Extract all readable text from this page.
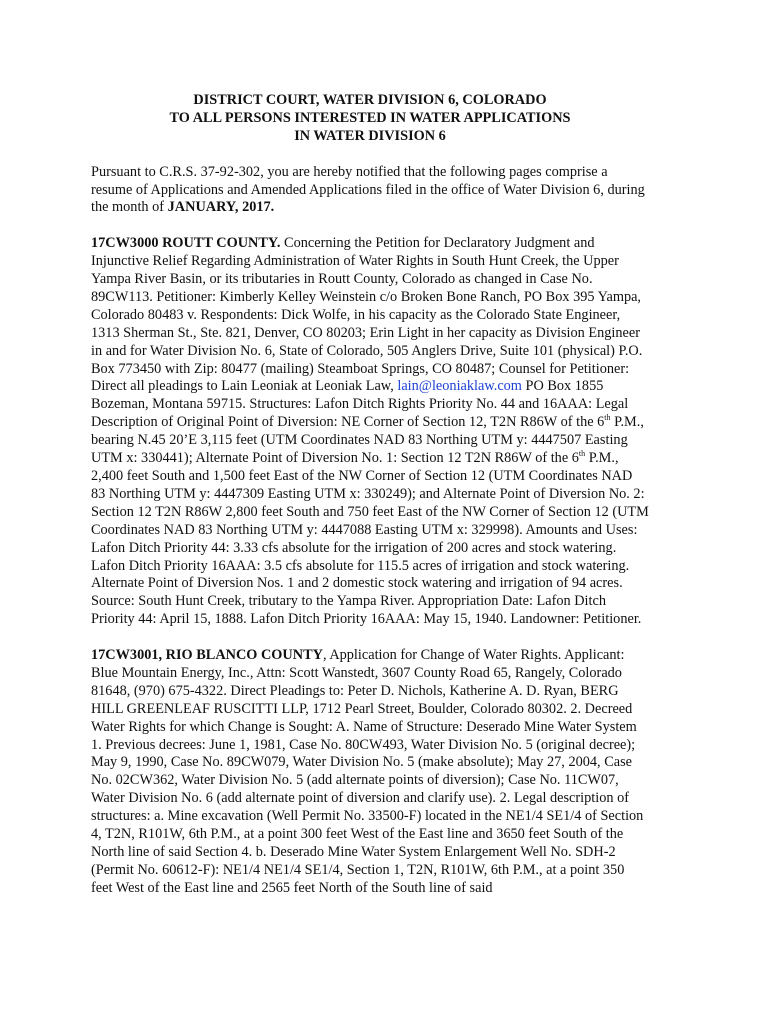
DISTRICT COURT, WATER DIVISION 6, COLORADO
TO ALL PERSONS INTERESTED IN WATER APPLICATIONS
IN WATER DIVISION 6

Pursuant to C.R.S. 37-92-302, you are hereby notified that the following pages comprise a resume of Applications and Amended Applications filed in the office of Water Division 6, during the month of JANUARY, 2017.

17CW3000 ROUTT COUNTY. Concerning the Petition for Declaratory Judgment and Injunctive Relief Regarding Administration of Water Rights in South Hunt Creek, the Upper Yampa River Basin, or its tributaries in Routt County, Colorado as changed in Case No. 89CW113. Petitioner: Kimberly Kelley Weinstein c/o Broken Bone Ranch, PO Box 395 Yampa, Colorado 80483 v. Respondents: Dick Wolfe, in his capacity as the Colorado State Engineer, 1313 Sherman St., Ste. 821, Denver, CO 80203; Erin Light in her capacity as Division Engineer in and for Water Division No. 6, State of Colorado, 505 Anglers Drive, Suite 101 (physical) P.O. Box 773450 with Zip: 80477 (mailing) Steamboat Springs, CO 80487; Counsel for Petitioner: Direct all pleadings to Lain Leoniak at Leoniak Law, lain@leoniaklaw.com PO Box 1855 Bozeman, Montana 59715. Structures: Lafon Ditch Rights Priority No. 44 and 16AAA: Legal Description of Original Point of Diversion: NE Corner of Section 12, T2N R86W of the 6th P.M., bearing N.45 20’E 3,115 feet (UTM Coordinates NAD 83 Northing UTM y: 4447507 Easting UTM x: 330441); Alternate Point of Diversion No. 1: Section 12 T2N R86W of the 6th P.M., 2,400 feet South and 1,500 feet East of the NW Corner of Section 12 (UTM Coordinates NAD 83 Northing UTM y: 4447309 Easting UTM x: 330249); and Alternate Point of Diversion No. 2: Section 12 T2N R86W 2,800 feet South and 750 feet East of the NW Corner of Section 12 (UTM Coordinates NAD 83 Northing UTM y: 4447088 Easting UTM x: 329998). Amounts and Uses: Lafon Ditch Priority 44: 3.33 cfs absolute for the irrigation of 200 acres and stock watering. Lafon Ditch Priority 16AAA: 3.5 cfs absolute for 115.5 acres of irrigation and stock watering. Alternate Point of Diversion Nos. 1 and 2 domestic stock watering and irrigation of 94 acres. Source: South Hunt Creek, tributary to the Yampa River. Appropriation Date: Lafon Ditch Priority 44: April 15, 1888. Lafon Ditch Priority 16AAA: May 15, 1940. Landowner: Petitioner.

17CW3001, RIO BLANCO COUNTY, Application for Change of Water Rights. Applicant: Blue Mountain Energy, Inc., Attn: Scott Wanstedt, 3607 County Road 65, Rangely, Colorado 81648, (970) 675-4322. Direct Pleadings to: Peter D. Nichols, Katherine A. D. Ryan, BERG HILL GREENLEAF RUSCITTI LLP, 1712 Pearl Street, Boulder, Colorado 80302. 2. Decreed Water Rights for which Change is Sought: A. Name of Structure: Deserado Mine Water System 1. Previous decrees: June 1, 1981, Case No. 80CW493, Water Division No. 5 (original decree); May 9, 1990, Case No. 89CW079, Water Division No. 5 (make absolute); May 27, 2004, Case No. 02CW362, Water Division No. 5 (add alternate points of diversion); Case No. 11CW07, Water Division No. 6 (add alternate point of diversion and clarify use). 2. Legal description of structures: a. Mine excavation (Well Permit No. 33500-F) located in the NE1/4 SE1/4 of Section 4, T2N, R101W, 6th P.M., at a point 300 feet West of the East line and 3650 feet South of the North line of said Section 4. b. Deserado Mine Water System Enlargement Well No. SDH-2 (Permit No. 60612-F): NE1/4 NE1/4 SE1/4, Section 1, T2N, R101W, 6th P.M., at a point 350 feet West of the East line and 2565 feet North of the South line of said
